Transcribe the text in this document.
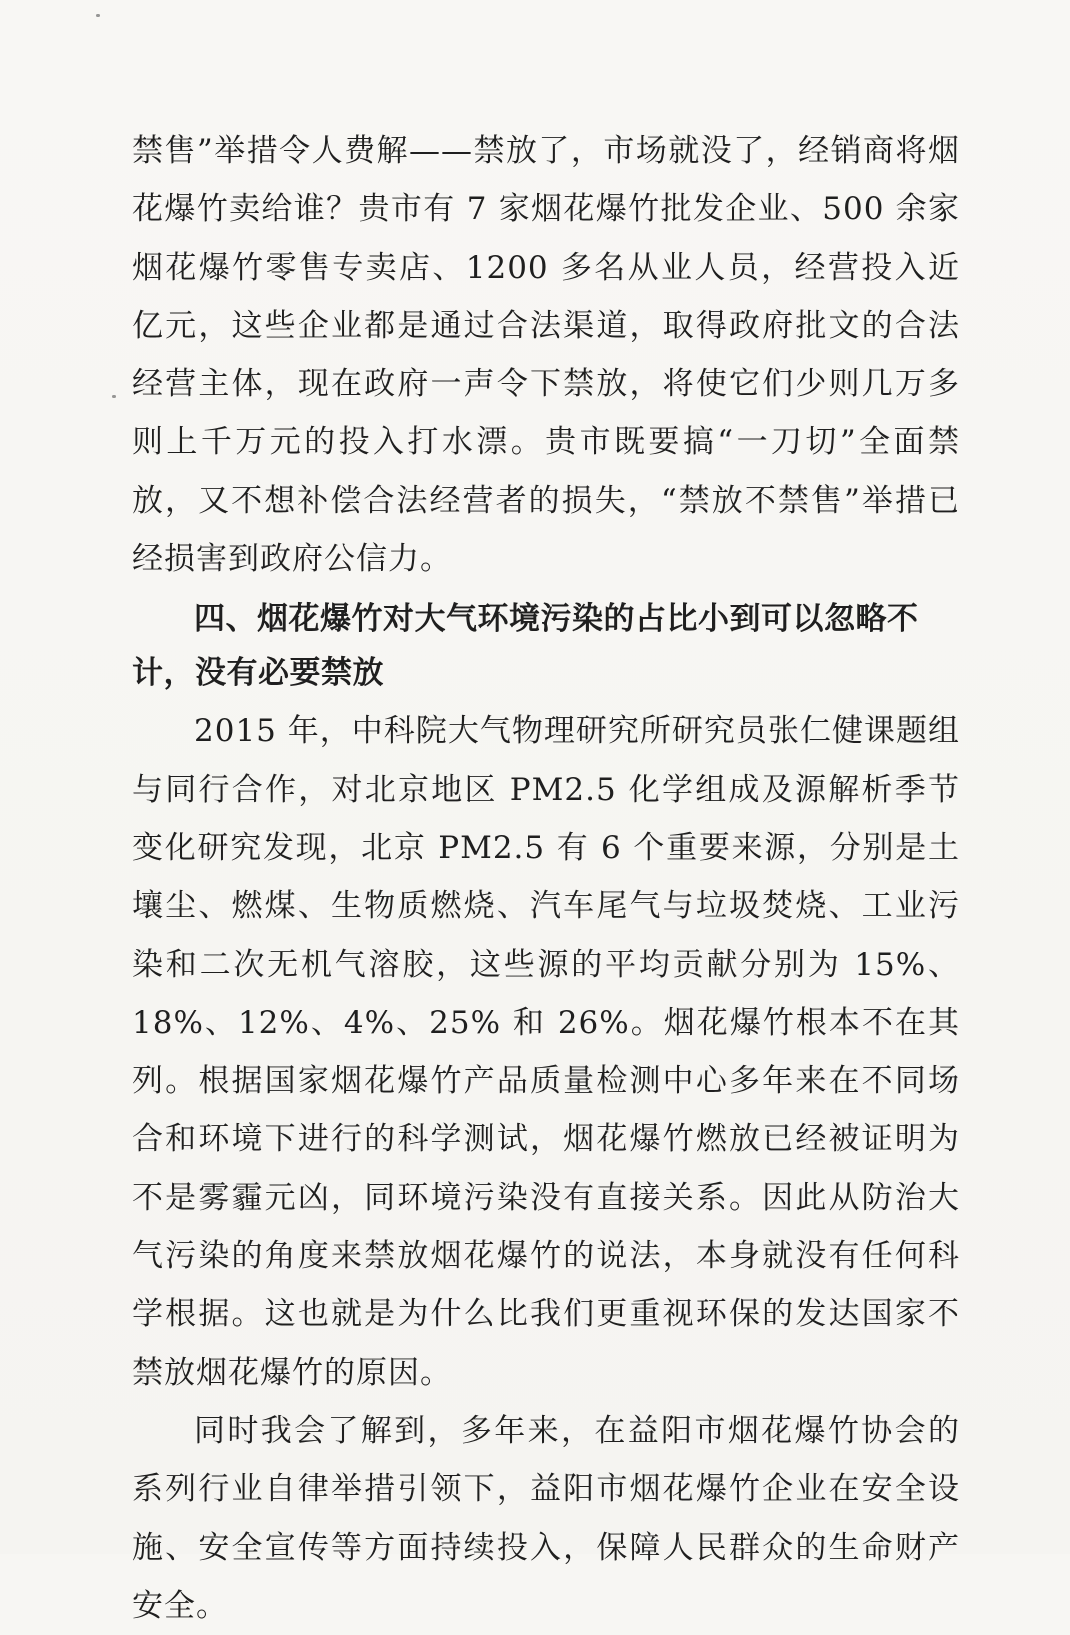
禁售”举措令人费解——禁放了，市场就没了，经销商将烟花爆竹卖给谁？贵市有 7 家烟花爆竹批发企业、500 余家烟花爆竹零售专卖店、1200 多名从业人员，经营投入近亿元，这些企业都是通过合法渠道，取得政府批文的合法经营主体，现在政府一声令下禁放，将使它们少则几万多则上千万元的投入打水漂。贵市既要搞“一刀切”全面禁放，又不想补偿合法经营者的损失，“禁放不禁售”举措已经损害到政府公信力。

四、烟花爆竹对大气环境污染的占比小到可以忽略不计，没有必要禁放

2015 年，中科院大气物理研究所研究员张仁健课题组与同行合作，对北京地区 PM2.5 化学组成及源解析季节变化研究发现，北京 PM2.5 有 6 个重要来源，分别是土壤尘、燃煤、生物质燃烧、汽车尾气与垃圾焚烧、工业污染和二次无机气溶胶，这些源的平均贡献分别为 15%、18%、12%、4%、25% 和 26%。烟花爆竹根本不在其列。根据国家烟花爆竹产品质量检测中心多年来在不同场合和环境下进行的科学测试，烟花爆竹燃放已经被证明为不是雾霾元凶，同环境污染没有直接关系。因此从防治大气污染的角度来禁放烟花爆竹的说法，本身就没有任何科学根据。这也就是为什么比我们更重视环保的发达国家不禁放烟花爆竹的原因。

同时我会了解到，多年来，在益阳市烟花爆竹协会的系列行业自律举措引领下，益阳市烟花爆竹企业在安全设施、安全宣传等方面持续投入，保障人民群众的生命财产安全。
